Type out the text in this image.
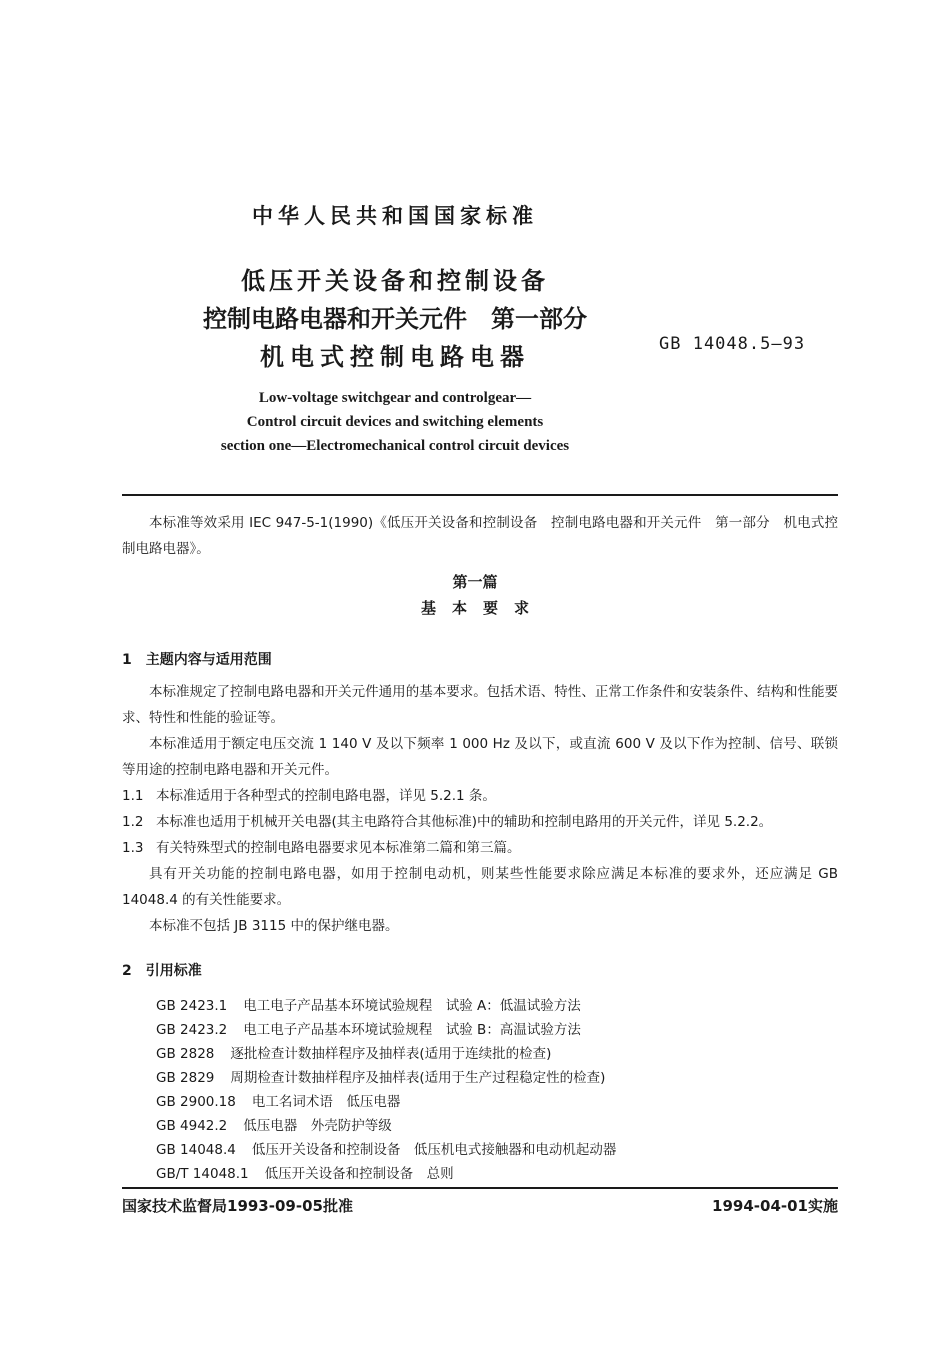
中华人民共和国国家标准
低压开关设备和控制设备
控制电路电器和开关元件　第一部分
机电式控制电路电器	GB 14048.5—93
Low-voltage switchgear and controlgear—
Control circuit devices and switching elements
section one—Electromechanical control circuit devices
本标准等效采用 IEC 947-5-1(1990)《低压开关设备和控制设备　控制电路电器和开关元件　第一部分　机电式控制电路电器》。
第一篇
基本要求
1　主题内容与适用范围
本标准规定了控制电路电器和开关元件通用的基本要求。包括术语、特性、正常工作条件和安装条件、结构和性能要求、特性和性能的验证等。
本标准适用于额定电压交流 1 140 V 及以下频率 1 000 Hz 及以下，或直流 600 V 及以下作为控制、信号、联锁等用途的控制电路电器和开关元件。
1.1 本标准适用于各种型式的控制电路电器，详见 5.2.1 条。
1.2 本标准也适用于机械开关电器(其主电路符合其他标准)中的辅助和控制电路用的开关元件，详见 5.2.2。
1.3 有关特殊型式的控制电路电器要求见本标准第二篇和第三篇。
具有开关功能的控制电路电器，如用于控制电动机，则某些性能要求除应满足本标准的要求外，还应满足 GB 14048.4 的有关性能要求。
本标准不包括 JB 3115 中的保护继电器。
2　引用标准
GB 2423.1 电工电子产品基本环境试验规程　试验 A：低温试验方法
GB 2423.2 电工电子产品基本环境试验规程　试验 B：高温试验方法
GB 2828 逐批检查计数抽样程序及抽样表(适用于连续批的检查)
GB 2829 周期检查计数抽样程序及抽样表(适用于生产过程稳定性的检查)
GB 2900.18 电工名词术语　低压电器
GB 4942.2 低压电器　外壳防护等级
GB 14048.4 低压开关设备和控制设备　低压机电式接触器和电动机起动器
GB/T 14048.1 低压开关设备和控制设备　总则
国家技术监督局1993-09-05批准	1994-04-01实施
